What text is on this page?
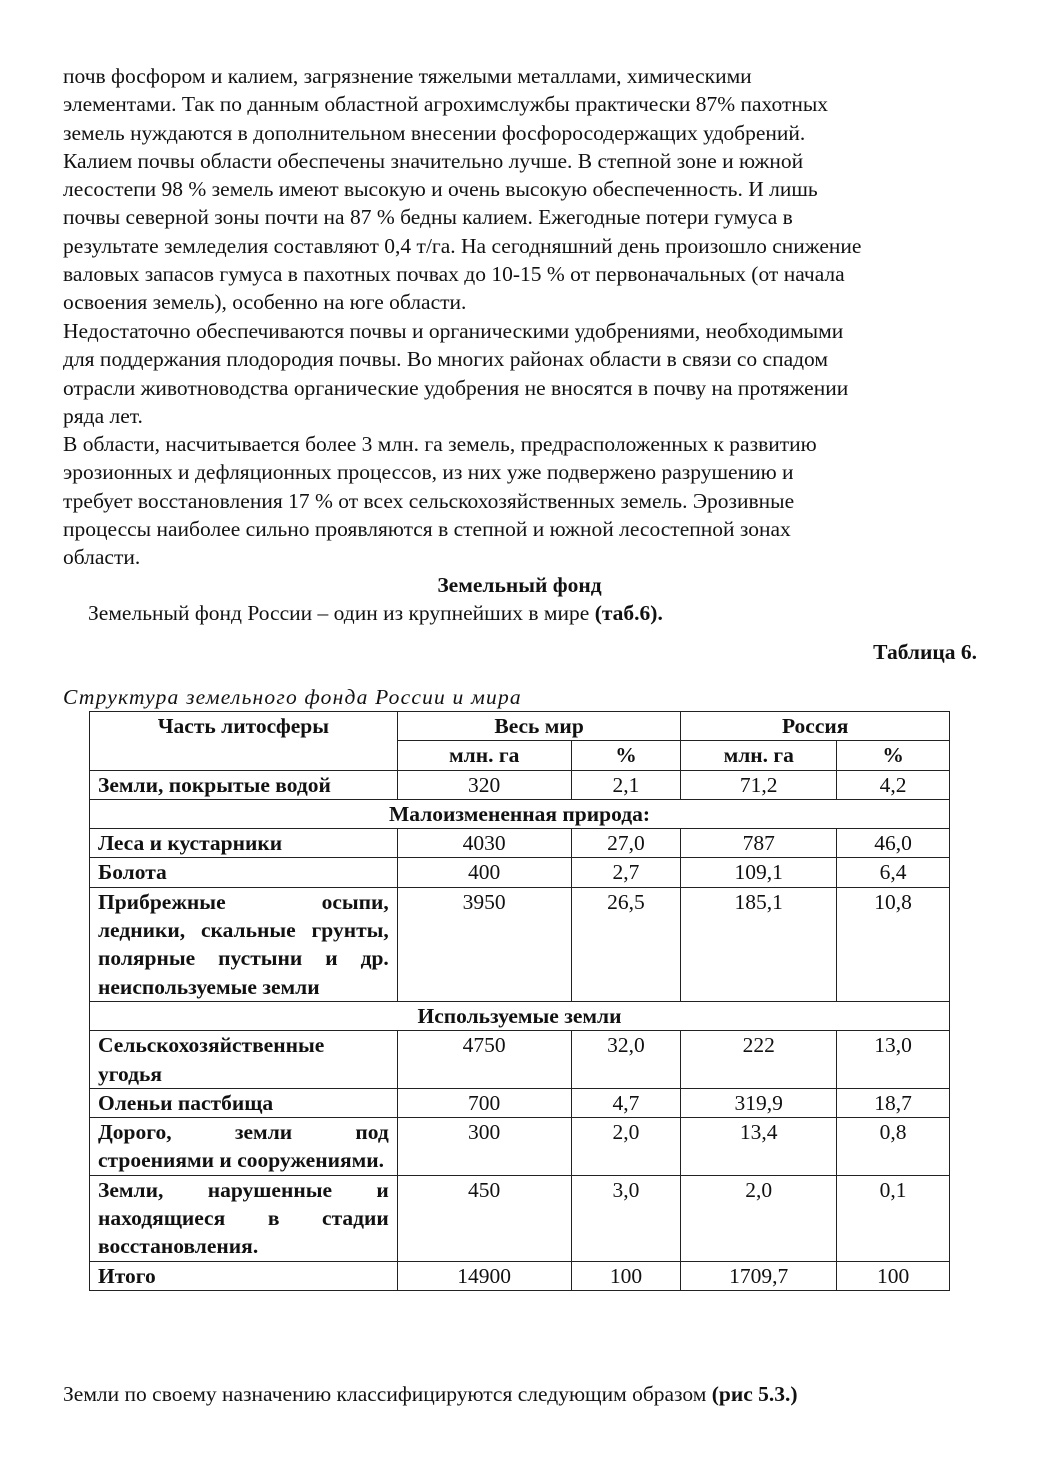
почв фосфором и калием, загрязнение тяжелыми металлами, химическими
элементами. Так по данным областной агрохимслужбы практически 87% пахотных
земель нуждаются в дополнительном внесении фосфоросодержащих удобрений.
Калием почвы области обеспечены значительно лучше. В степной зоне и южной
лесостепи 98 % земель имеют высокую и очень высокую обеспеченность. И лишь
почвы северной зоны почти на 87 % бедны калием. Ежегодные потери гумуса в
результате земледелия составляют 0,4 т/га. На сегодняшний день произошло снижение
валовых запасов гумуса в пахотных почвах до 10-15 % от первоначальных (от начала
освоения земель), особенно на юге области.

Недостаточно обеспечиваются почвы и органическими удобрениями, необходимыми
для поддержания плодородия почвы. Во многих районах области в связи со спадом
отрасли животноводства органические удобрения не вносятся в почву на протяжении
ряда лет.

В области, насчитывается более 3 млн. га земель, предрасположенных к развитию
эрозионных и дефляционных процессов, из них уже подвержено разрушению и
требует восстановления 17 % от всех сельскохозяйственных земель. Эрозивные
процессы наиболее сильно проявляются в степной и южной лесостепной зонах
области.

Земельный фонд
Земельный фонд России – один из крупнейших в мире (таб.6).
Таблица 6.
Структура земельного фонда России и мира
Часть литосферы	Весь мир		Россия	
	млн. га	%	млн. га	%
Земли, покрытые водой	320	2,1	71,2	4,2
Малоизмененная природа:				
Леса и кустарники	4030	27,0	787	46,0
Болота	400	2,7	109,1	6,4
Прибрежные осыпи, ледники, скальные грунты, полярные пустыни и др. неиспользуемые земли	3950	26,5	185,1	10,8
Используемые земли				
Сельскохозяйственные угодья	4750	32,0	222	13,0
Оленьи пастбища	700	4,7	319,9	18,7
Дорого, земли под строениями и сооружениями.	300	2,0	13,4	0,8
Земли, нарушенные и находящиеся в стадии восстановления.	450	3,0	2,0	0,1
Итого	14900	100	1709,7	100
Земли по своему назначению классифицируются следующим образом (рис 5.3.)
